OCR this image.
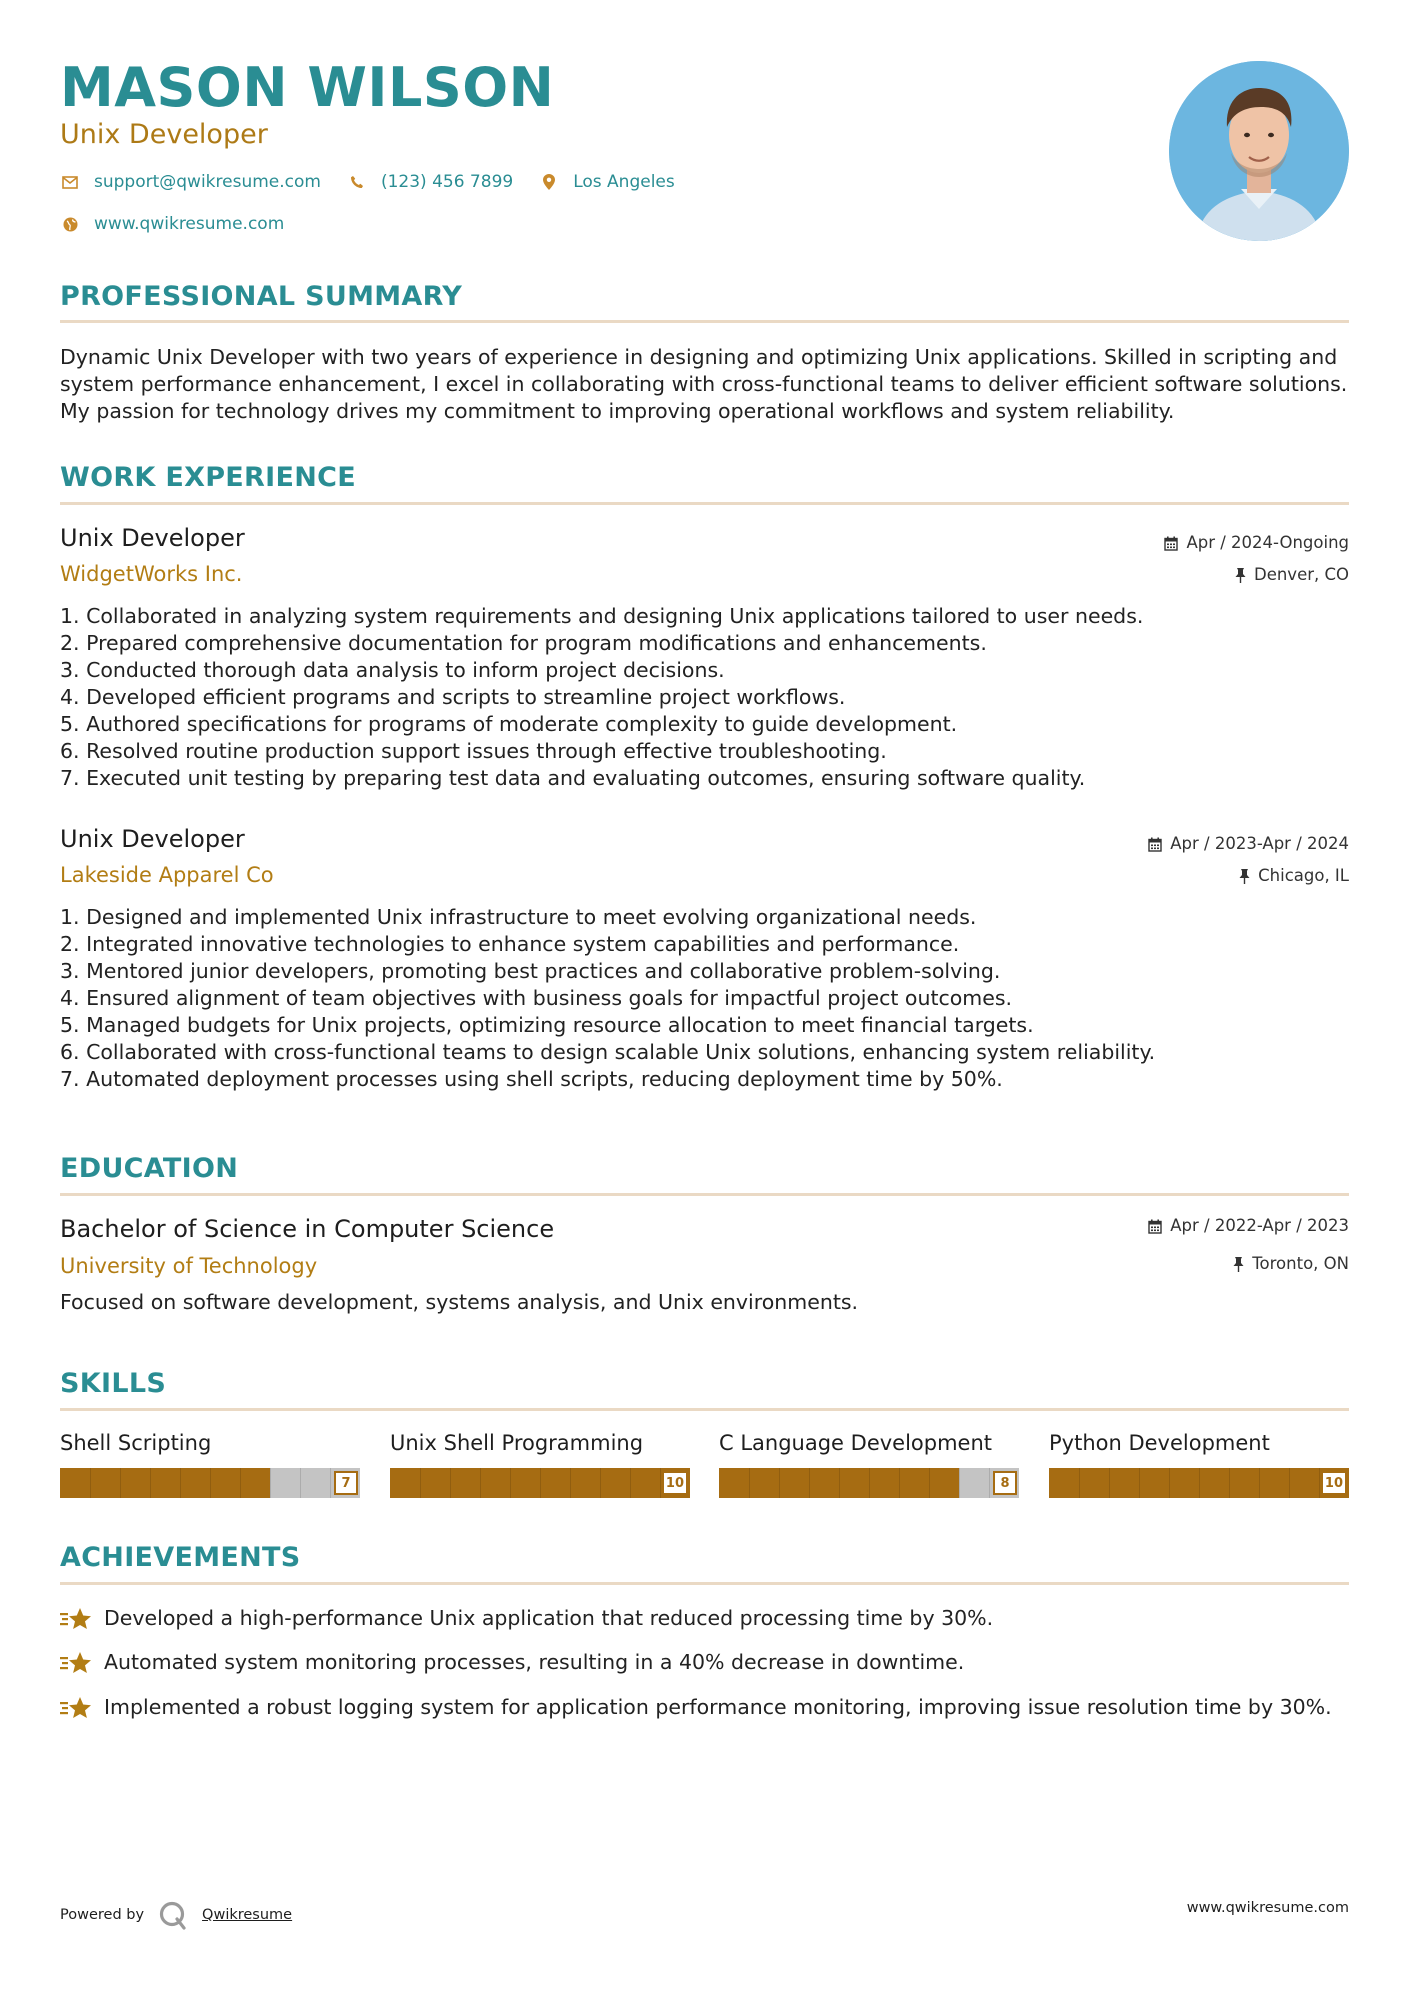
MASON WILSON
Unix Developer
support@qwikresume.com	(123) 456 7899	Los Angeles
www.qwikresume.com
PROFESSIONAL SUMMARY
Dynamic Unix Developer with two years of experience in designing and optimizing Unix applications. Skilled in scripting and system performance enhancement, I excel in collaborating with cross-functional teams to deliver efficient software solutions. My passion for technology drives my commitment to improving operational workflows and system reliability.
WORK EXPERIENCE
Unix Developer
WidgetWorks Inc.
Apr / 2024-Ongoing
Denver, CO
1. Collaborated in analyzing system requirements and designing Unix applications tailored to user needs.
2. Prepared comprehensive documentation for program modifications and enhancements.
3. Conducted thorough data analysis to inform project decisions.
4. Developed efficient programs and scripts to streamline project workflows.
5. Authored specifications for programs of moderate complexity to guide development.
6. Resolved routine production support issues through effective troubleshooting.
7. Executed unit testing by preparing test data and evaluating outcomes, ensuring software quality.
Unix Developer
Lakeside Apparel Co
Apr / 2023-Apr / 2024
Chicago, IL
1. Designed and implemented Unix infrastructure to meet evolving organizational needs.
2. Integrated innovative technologies to enhance system capabilities and performance.
3. Mentored junior developers, promoting best practices and collaborative problem-solving.
4. Ensured alignment of team objectives with business goals for impactful project outcomes.
5. Managed budgets for Unix projects, optimizing resource allocation to meet financial targets.
6. Collaborated with cross-functional teams to design scalable Unix solutions, enhancing system reliability.
7. Automated deployment processes using shell scripts, reducing deployment time by 50%.
EDUCATION
Bachelor of Science in Computer Science
University of Technology
Apr / 2022-Apr / 2023
Toronto, ON
Focused on software development, systems analysis, and Unix environments.
SKILLS
Shell Scripting
7
Unix Shell Programming
10
C Language Development
8
Python Development
10
ACHIEVEMENTS
Developed a high-performance Unix application that reduced processing time by 30%.
Automated system monitoring processes, resulting in a 40% decrease in downtime.
Implemented a robust logging system for application performance monitoring, improving issue resolution time by 30%.
Powered by	Qwikresume	www.qwikresume.com
